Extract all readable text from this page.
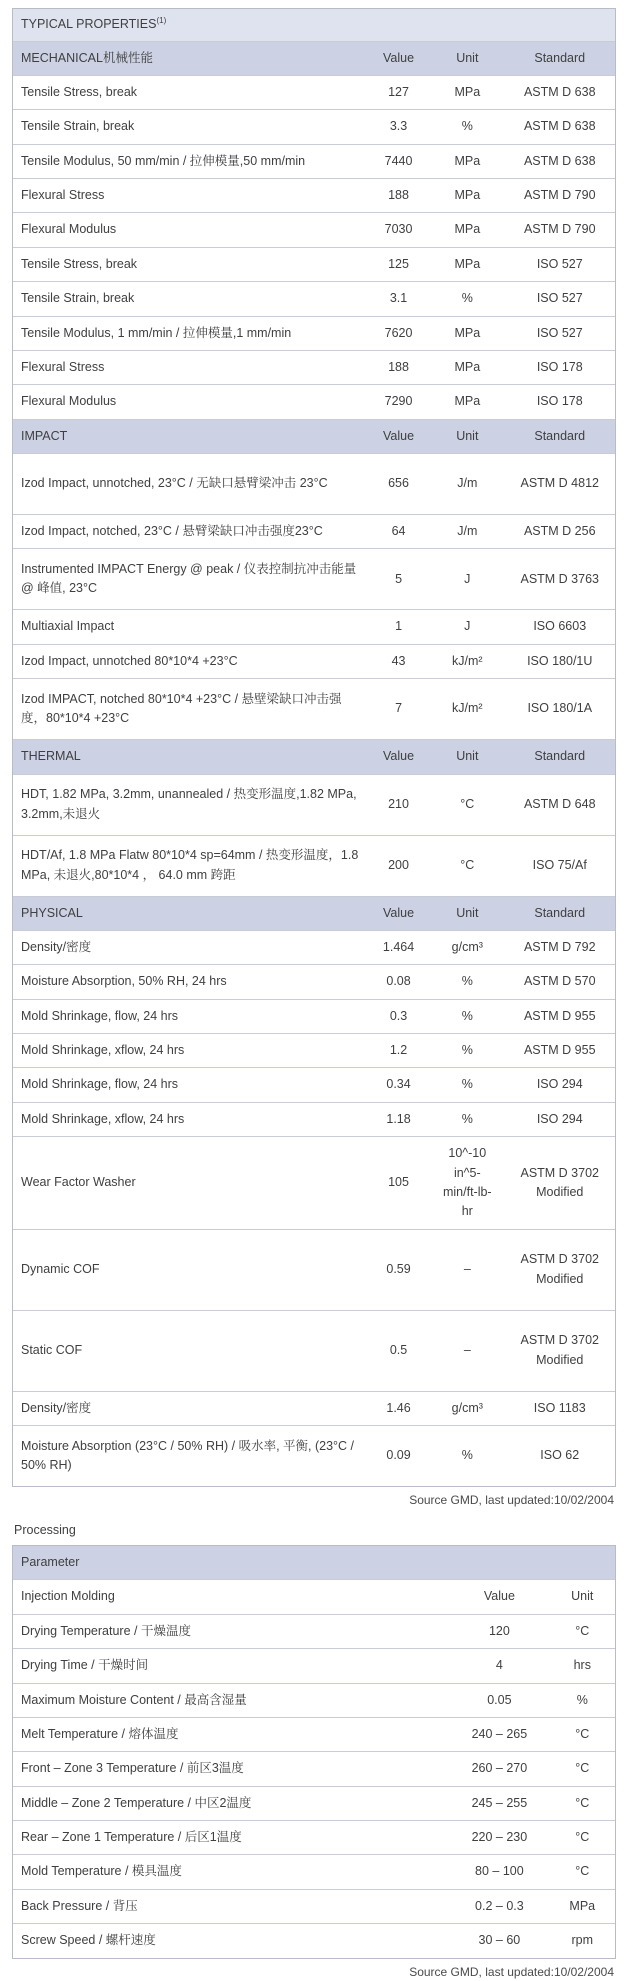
TYPICAL PROPERTIES$^{(1)}$
MECHANICAL机械性能	Value	Unit	Standard
Tensile Stress, break	127	MPa	ASTM D 638
Tensile Strain, break	3.3	%	ASTM D 638
Tensile Modulus, 50 mm/min / 拉伸模量,50 mm/min	7440	MPa	ASTM D 638
Flexural Stress	188	MPa	ASTM D 790
Flexural Modulus	7030	MPa	ASTM D 790
Tensile Stress, break	125	MPa	ISO 527
Tensile Strain, break	3.1	%	ISO 527
Tensile Modulus, 1 mm/min / 拉伸模量,1 mm/min	7620	MPa	ISO 527
Flexural Stress	188	MPa	ISO 178
Flexural Modulus	7290	MPa	ISO 178
IMPACT	Value	Unit	Standard
Izod Impact, unnotched, 23°C / 无缺口悬臂梁冲击 23°C	656	J/m	ASTM D 4812
Izod Impact, notched, 23°C / 悬臂梁缺口冲击强度23°C	64	J/m	ASTM D 256
Instrumented IMPACT Energy @ peak / 仪表控制抗冲击能量 @ 峰值, 23°C	5	J	ASTM D 3763
Multiaxial Impact	1	J	ISO 6603
Izod Impact, unnotched 80*10*4 +23°C	43	kJ/m²	ISO 180/1U
Izod IMPACT, notched 80*10*4 +23°C / 悬壁梁缺口冲击强度，80*10*4 +23°C	7	kJ/m²	ISO 180/1A
THERMAL	Value	Unit	Standard
HDT, 1.82 MPa, 3.2mm, unannealed / 热变形温度,1.82 MPa, 3.2mm,未退火	210	°C	ASTM D 648
HDT/Af, 1.8 MPa Flatw 80*10*4 sp=64mm / 热变形温度，1.8 MPa, 未退火,80*10*4 ， 64.0 mm 跨距	200	°C	ISO 75/Af
PHYSICAL	Value	Unit	Standard
Density/密度	1.464	g/cm³	ASTM D 792
Moisture Absorption, 50% RH, 24 hrs	0.08	%	ASTM D 570
Mold Shrinkage, flow, 24 hrs	0.3	%	ASTM D 955
Mold Shrinkage, xflow, 24 hrs	1.2	%	ASTM D 955
Mold Shrinkage, flow, 24 hrs	0.34	%	ISO 294
Mold Shrinkage, xflow, 24 hrs	1.18	%	ISO 294
Wear Factor Washer	105	10^-10 in^5-min/ft-lb-hr	ASTM D 3702 Modified
Dynamic COF	0.59	–	ASTM D 3702 Modified
Static COF	0.5	–	ASTM D 3702 Modified
Density/密度	1.46	g/cm³	ISO 1183
Moisture Absorption (23°C / 50% RH) / 吸水率, 平衡, (23°C / 50% RH)	0.09	%	ISO 62
Source GMD, last updated:10/02/2004
Processing
Parameter		
Injection Molding	Value	Unit
Drying Temperature / 干燥温度	120	°C
Drying Time / 干燥时间	4	hrs
Maximum Moisture Content / 最高含湿量	0.05	%
Melt Temperature / 熔体温度	240 – 265	°C
Front – Zone 3 Temperature / 前区3温度	260 – 270	°C
Middle – Zone 2 Temperature / 中区2温度	245 – 255	°C
Rear – Zone 1 Temperature / 后区1温度	220 – 230	°C
Mold Temperature / 模具温度	80 – 100	°C
Back Pressure / 背压	0.2 – 0.3	MPa
Screw Speed / 螺杆速度	30 – 60	rpm
Source GMD, last updated:10/02/2004
